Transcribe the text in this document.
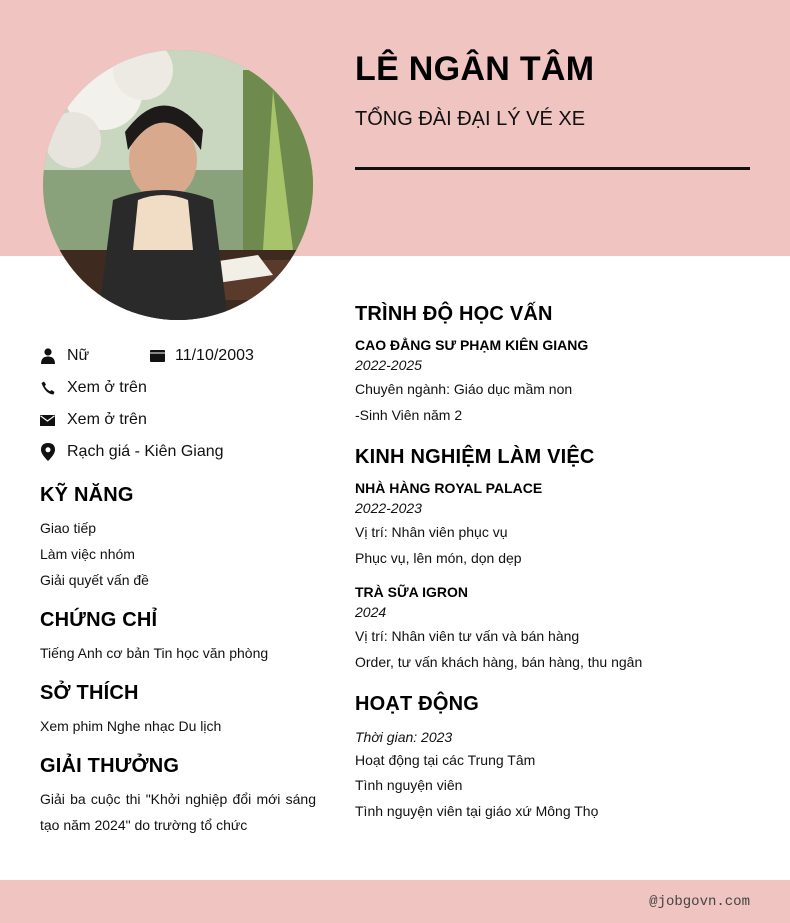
LÊ NGÂN TÂM
TỔNG ĐÀI ĐẠI LÝ VÉ XE
Nữ	11/10/2003
Xem ở trên
Xem ở trên
Rạch giá - Kiên Giang
KỸ NĂNG
Giao tiếp
Làm việc nhóm
Giải quyết vấn đề
CHỨNG CHỈ
Tiếng Anh cơ bản Tin học văn phòng
SỞ THÍCH
Xem phim Nghe nhạc Du lịch
GIẢI THƯỞNG
Giải ba cuộc thi "Khởi nghiệp đổi mới sáng tạo năm 2024" do trường tổ chức
TRÌNH ĐỘ HỌC VẤN
CAO ĐẲNG SƯ PHẠM KIÊN GIANG
2022-2025
Chuyên ngành: Giáo dục mầm non
-Sinh Viên năm 2
KINH NGHIỆM LÀM VIỆC
NHÀ HÀNG ROYAL PALACE
2022-2023
Vị trí: Nhân viên phục vụ
Phục vụ, lên món, dọn dẹp
TRÀ SỮA IGRON
2024
Vị trí: Nhân viên tư vấn và bán hàng
Order, tư vấn khách hàng, bán hàng, thu ngân
HOẠT ĐỘNG
Thời gian: 2023
Hoạt động tại các Trung Tâm
Tình nguyện viên
Tình nguyện viên tại giáo xứ Mông Thọ
@jobgovn.com
